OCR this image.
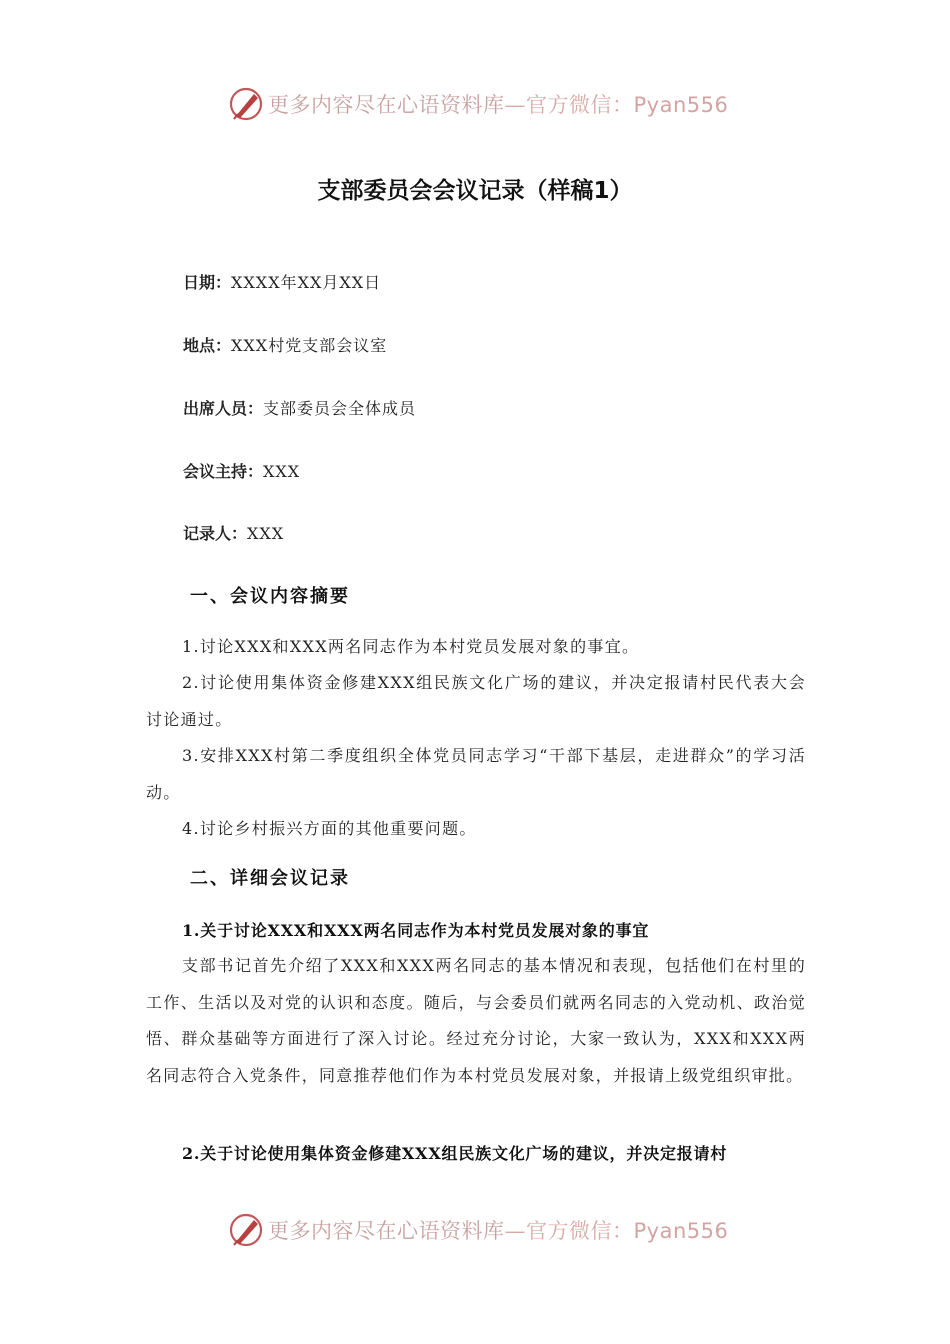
更多内容尽在心语资料库—官方微信：Pyan556
支部委员会会议记录（样稿1）
日期：XXXX年XX月XX日
地点：XXX村党支部会议室
出席人员：支部委员会全体成员
会议主持：XXX
记录人：XXX
一、会议内容摘要
1.讨论XXX和XXX两名同志作为本村党员发展对象的事宜。
2.讨论使用集体资金修建XXX组民族文化广场的建议，并决定报请村民代表大会讨论通过。
3.安排XXX村第二季度组织全体党员同志学习“干部下基层，走进群众”的学习活动。
4.讨论乡村振兴方面的其他重要问题。
二、详细会议记录
1.关于讨论XXX和XXX两名同志作为本村党员发展对象的事宜
支部书记首先介绍了XXX和XXX两名同志的基本情况和表现，包括他们在村里的工作、生活以及对党的认识和态度。随后，与会委员们就两名同志的入党动机、政治觉悟、群众基础等方面进行了深入讨论。经过充分讨论，大家一致认为，XXX和XXX两名同志符合入党条件，同意推荐他们作为本村党员发展对象，并报请上级党组织审批。
2.关于讨论使用集体资金修建XXX组民族文化广场的建议，并决定报请村
更多内容尽在心语资料库—官方微信：Pyan556
